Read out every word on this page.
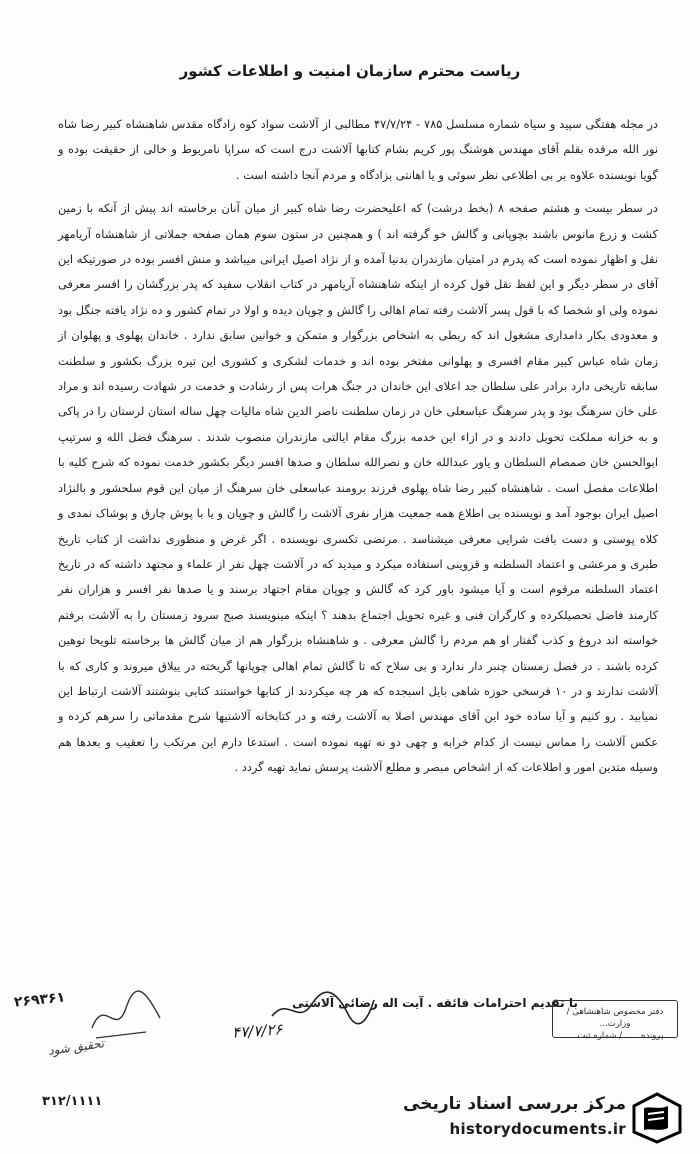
ریاست محترم سازمان امنیت و اطلاعات کشور

در مجله هفتگی سپید و سیاه شماره مسلسل ۷۸۵ - ۴۷/۷/۲۴ مطالبی از آلاشت سواد کوه زادگاه مقدس شاهنشاه کبیر رضا شاه نور الله مرقده بقلم آقای مهندس هوشنگ پور کریم بشام کتابها آلاشت درج است که سراپا نامربوط و خالی از حقیقت بوده و گویا نویسنده علاوه بر بی اطلاعی نظر سوئی و یا اهانتی بزادگاه و مردم آنجا داشته است .

در سطر بیست و هشتم صفحه ۸ (بخط درشت) که اعلیحضرت رضا شاه کبیر از میان آنان برخاسته اند پیش از آنکه با زمین کشت و زرع مانوس باشند بچوپانی و گالش خو گرفته اند ) و همچنین در ستون سوم همان صفحه جملاتی از شاهنشاه آریامهر نقل و اظهار نموده است که پدرم در امتیان مازندران بدنیا آمده و از نژاد اصیل ایرانی میباشد و منش افسر بوده در صورتیکه این آقای در سطر دیگر و این لفظ نقل قول کرده از اینکه شاهنشاه آریامهر در کتاب انقلاب سفید که پدر بزرگشان را افسر معرفی نموده ولی او شخصا که با قول پسر آلاشت رفته تمام اهالی را گالش و چوپان دیده و اولا در تمام کشور و ده نژاد یافته جنگل بود و معدودی بکار دامداری مشغول اند که ربطی به اشخاص بزرگوار و متمکن و خوانین سابق ندارد . خاندان پهلوی و پهلوان از زمان شاه عباس کبیر مقام افسری و پهلوانی مفتخر بوده اند و خدمات لشکری و کشوری این تیره بزرگ بکشور و سلطنت سابقه تاریخی دارد برادر علی سلطان جد اعلای این خاندان در جنگ هرات پس از رشادت و خدمت در شهادت رسیده اند و مراد علی خان سرهنگ بود و پدر سرهنگ عباسعلی خان در زمان سلطنت ناصر الدین شاه مالیات چهل ساله استان لرستان را در پاکی و به خزانه مملکت تحویل دادند و در ازاء این خدمه بزرگ مقام ایالتی مازندران منصوب شدند . سرهنگ فضل الله و سرتیپ ابوالحسن خان صمصام السلطان و یاور عبدالله خان و نصرالله سلطان و صدها افسر دیگر بکشور خدمت نموده که شرح کلیه با اطلاعات مفصل است . شاهنشاه کبیر رضا شاه پهلوی فرزند برومند عباسعلی خان سرهنگ از میان این قوم سلحشور و بالنژاد اصیل ایران بوجود آمد و نویسنده بی اطلاع همه جمعیت هزار نفری آلاشت را گالش و چوپان و یا با پوش چارق و پوشاک نمدی و کلاه پوستی و دست بافت شرایی معرفی میشناسد . مرتضی تکسری نویسنده . اگر غرض و منظوری نداشت از کتاب تاریخ طبری و مرعشی و اعتماد السلطنه و قزوینی استفاده میکرد و میدید که در آلاشت چهل نفر از علماء و مجتهد داشته که در تاریخ اعتماد السلطنه مرقوم است و آیا میشود باور کرد که گالش و چوپان مقام اجتهاد برسند و یا صدها نفر افسر و هزاران نفر کارمند فاضل تحصیلکرده و کارگران فنی و غیره تحویل اجتماع بدهند ؟ اینکه مینویسند صبح سرود زمستان را به آلاشت برفتم خواسته اند دروغ و کذب گفتار او هم مردم را گالش معرفی . و شاهنشاه بزرگوار هم از میان گالش ها برخاسته تلویحا توهین کرده باشند . در فصل زمستان چنبر دار ندارد و بی سلاح که تا گالش تمام اهالی چوپانها گریخته در ییلاق میروند و کاری که با آلاشت ندارند و در ۱۰ فرسخی حوزه شاهی بایل اسبجده که هر چه میکردند از کتابها خواستند کتابی بنوشتند آلاشت ارتباط این نمیابید . رو کنیم و آیا ساده خود این آقای مهندس اصلا به آلاشت رفته و در کتابخانه آلاشتیها شرح مقدماتی را سرهم کرده و عکس آلاشت را مماس نیست از کدام خرابه و چهی دو نه تهیه نموده است . استدعا دارم این مرتکب را تعقیب و بعدها هم وسیله متدین امور و اطلاعات که از اشخاص مبصر و مطلع آلاشت پرسش نماید تهیه گردد .

با تقدیم احترامات فائقه . آیت اله رضائی آلاشتی
۴۷/۷/۲۶
دفتر مخصوص شاهنشاهی / وزارت...
پرونده ..... / شماره ثبت ...
۲۶۹۳۶۱
تحقیق شود
۳۱۲/۱۱۱۱	مرکز بررسی اسناد تاریخی
historydocuments.ir
